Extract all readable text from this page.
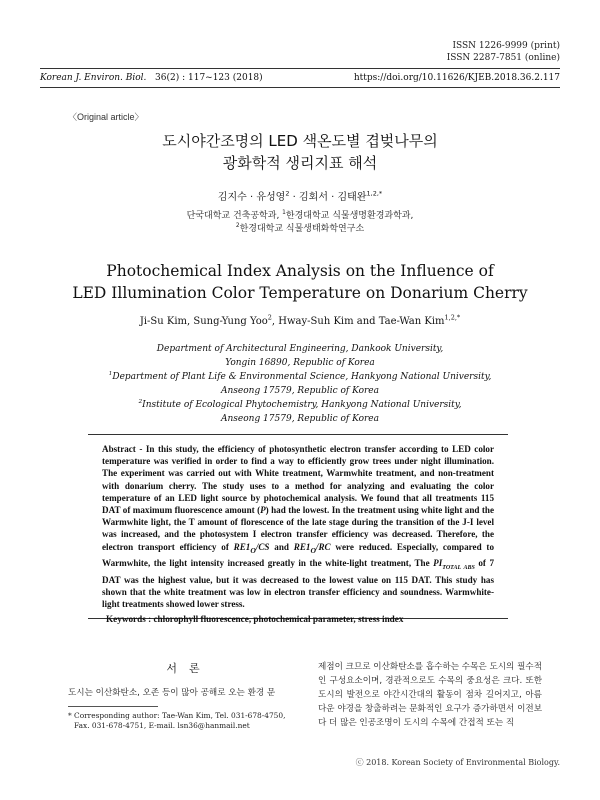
ISSN 1226-9999 (print)
ISSN 2287-7851 (online)
Korean J. Environ. Biol. 36(2) : 117~123 (2018)	https://doi.org/10.11626/KJEB.2018.36.2.117
〈Original article〉
도시야간조명의 LED 색온도별 겹벚나무의
광화학적 생리지표 해석
김지수 · 유성영$^2$ · 김회서 · 김태완$^{1,2,*}$
단국대학교 건축공학과, $^1$한경대학교 식물생명환경과학과,
$^2$한경대학교 식물생태화학연구소
Photochemical Index Analysis on the Influence of
LED Illumination Color Temperature on Donarium Cherry
Ji-Su Kim, Sung-Yung Yoo$^2$, Hway-Suh Kim and Tae-Wan Kim$^{1,2,*}$
Department of Architectural Engineering, Dankook University,
Yongin 16890, Republic of Korea
$^1$Department of Plant Life & Environmental Science, Hankyong National University,
Anseong 17579, Republic of Korea
$^2$Institute of Ecological Phytochemistry, Hankyong National University,
Anseong 17579, Republic of Korea

Abstract - In this study, the efficiency of photosynthetic electron transfer according to LED color temperature was verified in order to find a way to efficiently grow trees under night illumination. The experiment was carried out with White treatment, Warmwhite treatment, and non-treatment with donarium cherry. The study uses to a method for analyzing and evaluating the color temperature of an LED light source by photochemical analysis. We found that all treatments 115 DAT of maximum fluorescence amount (P) had the lowest. In the treatment using white light and the Warmwhite light, the T amount of florescence of the late stage during the transition of the J-I level was increased, and the photosystem I electron transfer efficiency was decreased. Therefore, the electron transport efficiency of $RE1_O/CS$ and $RE1_O/RC$ were reduced. Especially, compared to Warmwhite, the light intensity increased greatly in the white-light treatment, The $PI_{TOTAL ABS}$ of 7 DAT was the highest value, but it was decreased to the lowest value on 115 DAT. This study has shown that the white treatment was low in electron transfer efficiency and soundness. Warmwhite-light treatments showed lower stress.

Keywords : chlorophyll fluorescence, photochemical parameter, stress index
서론

도시는 이산화탄소, 오존 등이 많아 공해로 오는 환경 문

* Corresponding author: Tae-Wan Kim, Tel. 031-678-4750,
Fax. 031-678-4751, E-mail. lsn36@hanmail.net

제점이 크므로 이산화탄소를 흡수하는 수목은 도시의 필수적인 구성요소이며, 경관적으로도 수목의 중요성은 크다. 또한 도시의 발전으로 야간시간대의 활동이 점차 길어지고, 아름다운 야경을 창출하려는 문화적인 요구가 증가하면서 이전보다 더 많은 인공조명이 도시의 수목에 간접적 또는 직

ⓒ 2018. Korean Society of Environmental Biology.
